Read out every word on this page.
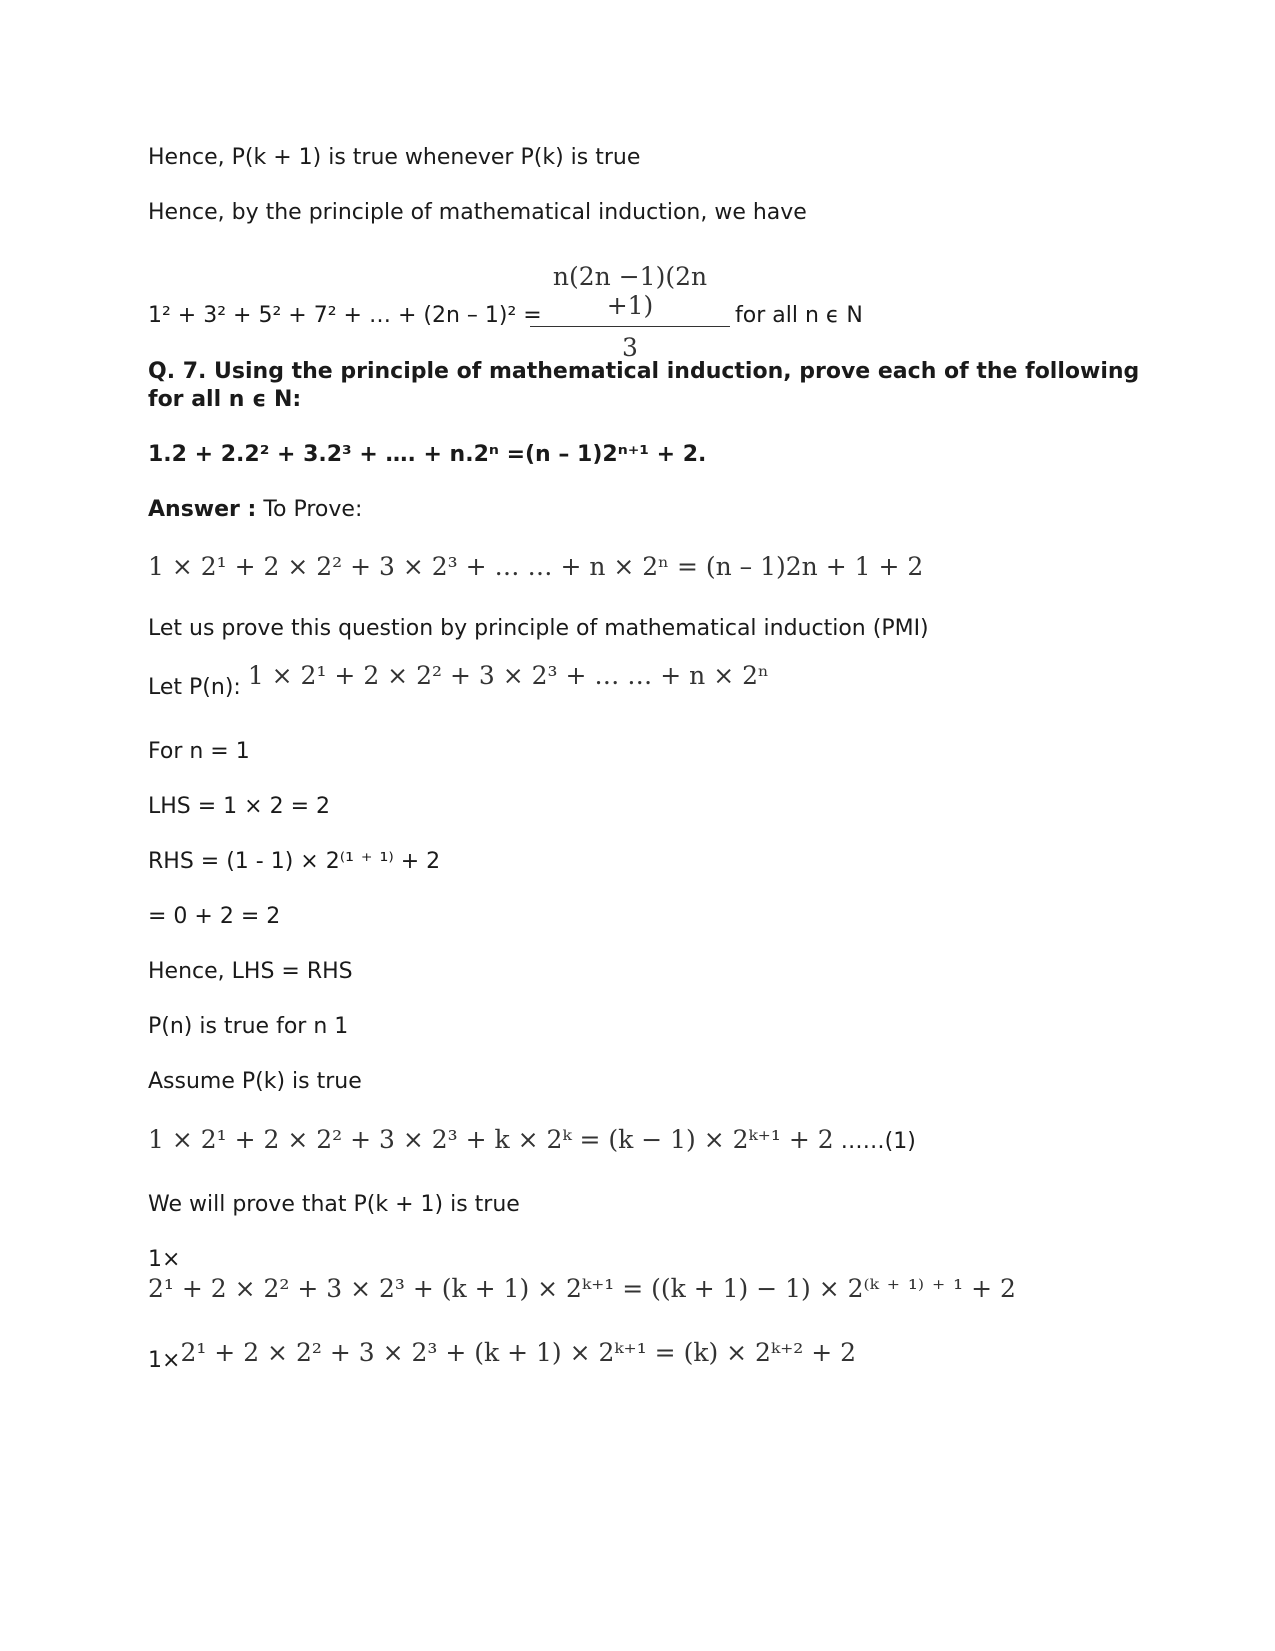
Hence, P(k + 1) is true whenever P(k) is true
Hence, by the principle of mathematical induction, we have
1² + 3² + 5² + 7² + … + (2n – 1)² =
$\frac{n(2n -1)(2n +1)}{3}$ for all n ϵ N
Q. 7. Using the principle of mathematical induction, prove each of the following
for all n ϵ N:
1.2 + 2.2² + 3.2³ + …. + n.2ⁿ =(n – 1)2ⁿ⁺¹ + 2.
Answer : To Prove:
1 × 2¹ + 2 × 2² + 3 × 2³ + … … + n × 2ⁿ = (n – 1)2n + 1 + 2
Let us prove this question by principle of mathematical induction (PMI)
Let P(n): 1 × 2¹ + 2 × 2² + 3 × 2³ + … … + n × 2ⁿ
For n = 1
LHS = 1 × 2 = 2
RHS = (1 - 1) × 2⁽¹ ⁺ ¹⁾ + 2
= 0 + 2 = 2
Hence, LHS = RHS
P(n) is true for n 1
Assume P(k) is true
1 × 2¹ + 2 × 2² + 3 × 2³ + k × 2ᵏ = (k − 1) × 2ᵏ⁺¹ + 2 ……(1)
We will prove that P(k + 1) is true
1×
2¹ + 2 × 2² + 3 × 2³ + (k + 1) × 2ᵏ⁺¹ = ((k + 1) − 1) × 2⁽ᵏ ⁺ ¹⁾ ⁺ ¹ + 2
1×2¹ + 2 × 2² + 3 × 2³ + (k + 1) × 2ᵏ⁺¹ = (k) × 2ᵏ⁺² + 2
